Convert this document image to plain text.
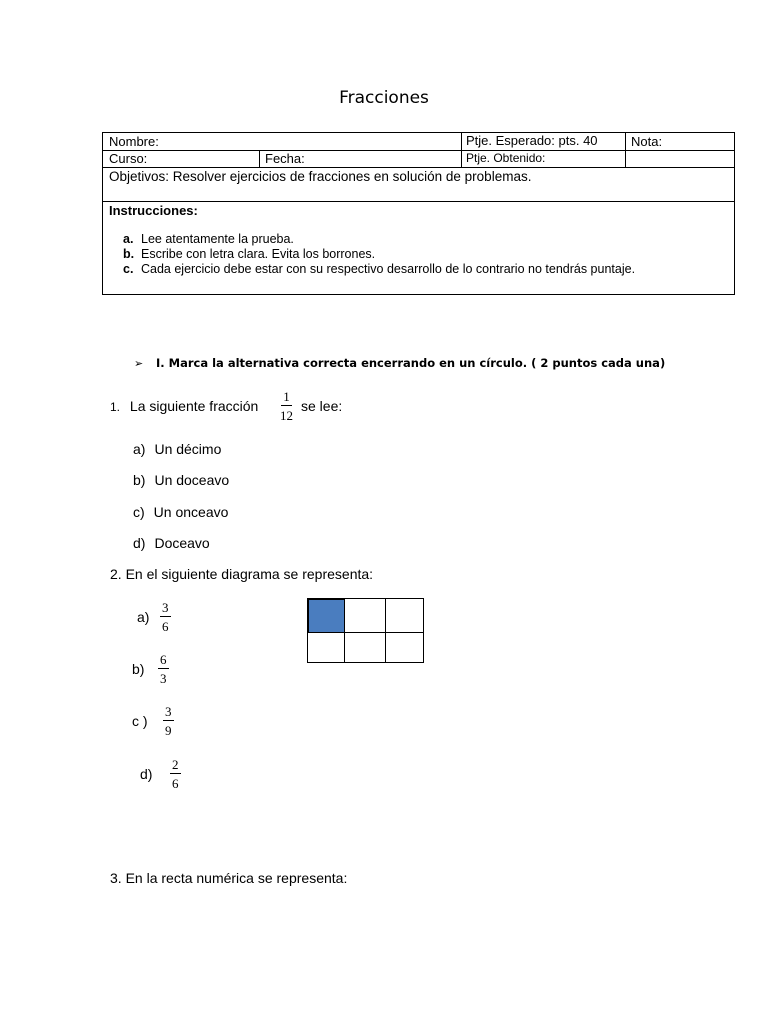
Fracciones
Nombre:	Ptje. Esperado: pts. 40	Nota:
Curso:	Fecha:	Ptje. Obtenido:
Objetivos: Resolver ejercicios de fracciones en solución de problemas.
Instrucciones:
a. Lee atentamente la prueba.
b. Escribe con letra clara. Evita los borrones.
c. Cada ejercicio debe estar con su respectivo desarrollo de lo contrario no tendrás puntaje.
➢ I. Marca la alternativa correcta encerrando en un círculo. ( 2 puntos cada una)
1. La siguiente fracción $\frac{1}{12}$ se lee:
a) Un décimo
b) Un doceavo
c) Un onceavo
d) Doceavo
2. En el siguiente diagrama se representa:
$a) \frac{3}{6}$
$b) \frac{6}{3}$
c ) $\frac{3}{9}$
$d) \frac{2}{6}$
3. En la recta numérica se representa:
